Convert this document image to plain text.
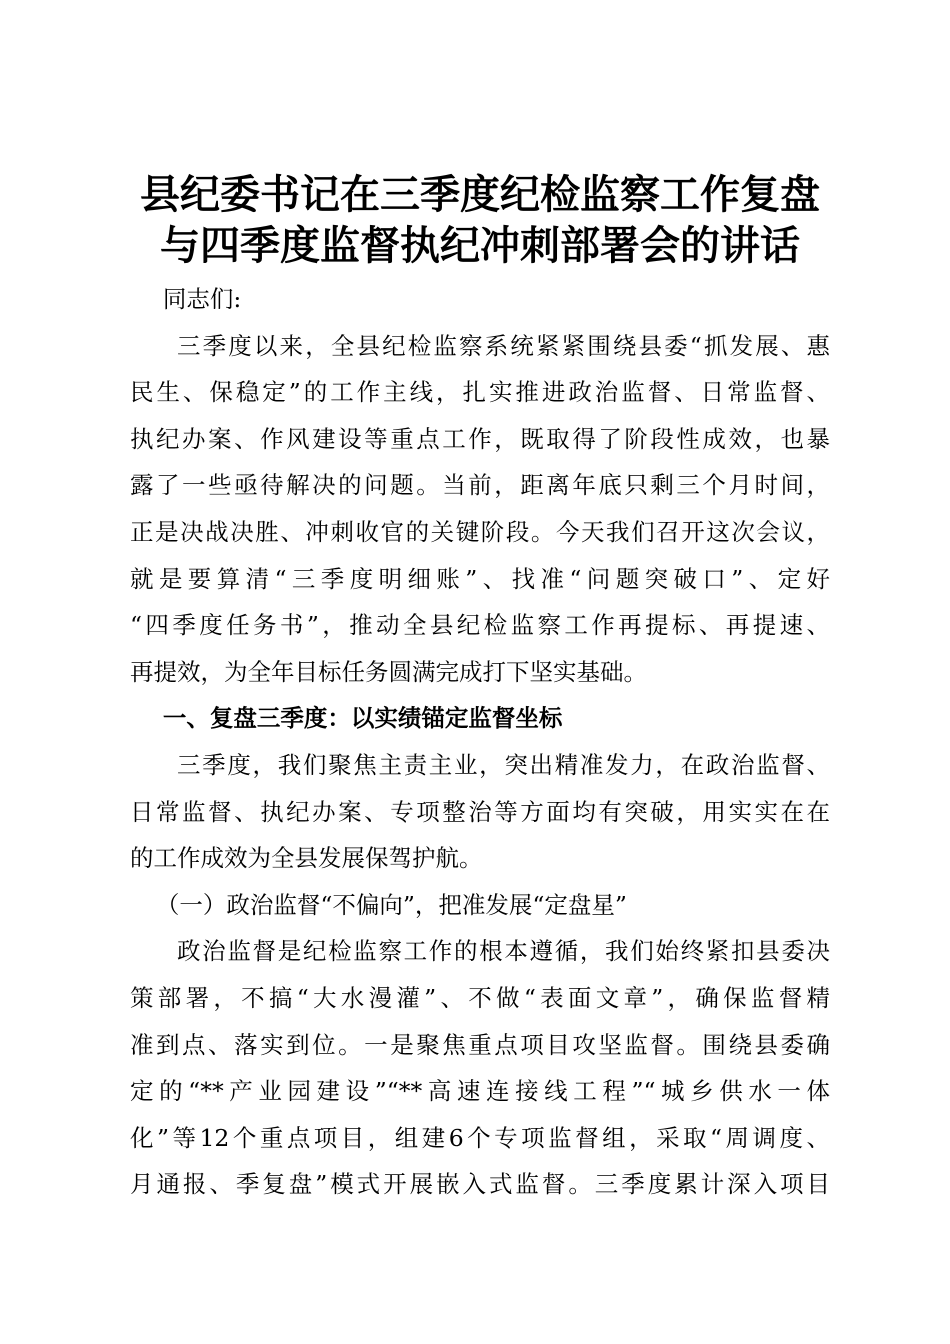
县纪委书记在三季度纪检监察工作复盘
与四季度监督执纪冲刺部署会的讲话

同志们:

三季度以来，全县纪检监察系统紧紧围绕县委“抓发展、惠
民生、保稳定”的工作主线，扎实推进政治监督、日常监督、
执纪办案、作风建设等重点工作，既取得了阶段性成效，也暴
露了一些亟待解决的问题。当前，距离年底只剩三个月时间，
正是决战决胜、冲刺收官的关键阶段。今天我们召开这次会议，
就是要算清“三季度明细账”、找准“问题突破口”、定好
“四季度任务书”，推动全县纪检监察工作再提标、再提速、
再提效，为全年目标任务圆满完成打下坚实基础。

一、复盘三季度：以实绩锚定监督坐标

三季度，我们聚焦主责主业，突出精准发力，在政治监督、
日常监督、执纪办案、专项整治等方面均有突破，用实实在在
的工作成效为全县发展保驾护航。

（一）政治监督“不偏向”，把准发展“定盘星”

政治监督是纪检监察工作的根本遵循，我们始终紧扣县委决
策部署，不搞“大水漫灌”、不做“表面文章”，确保监督精
准到点、落实到位。一是聚焦重点项目攻坚监督。围绕县委确
定的“**产业园建设”“**高速连接线工程”“城乡供水一体
化”等12个重点项目，组建6个专项监督组，采取“周调度、
月通报、季复盘”模式开展嵌入式监督。三季度累计深入项目
